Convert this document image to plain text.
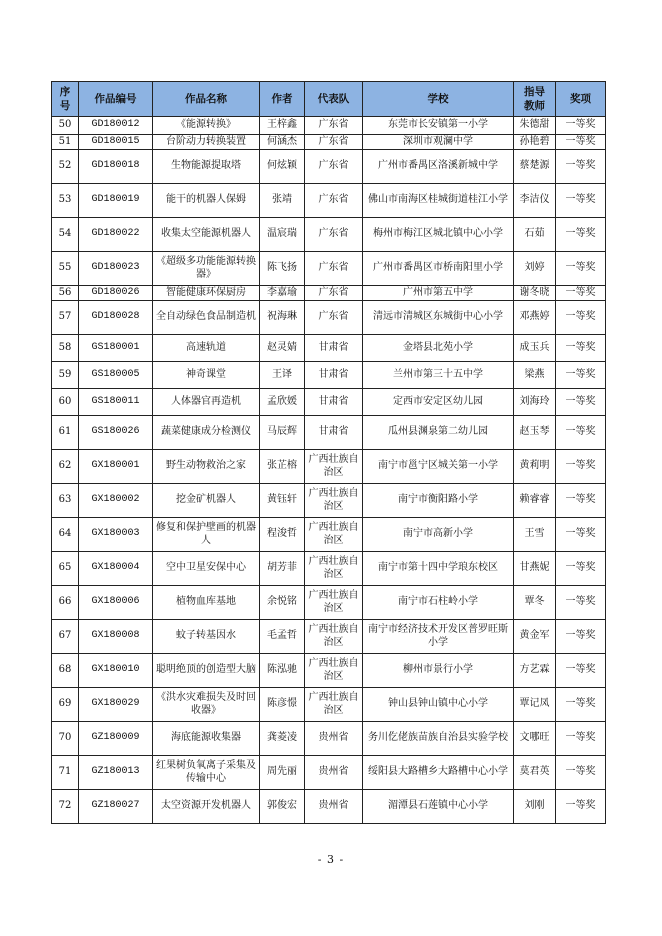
序号	作品编号	作品名称	作者	代表队	学校	指导教师	奖项
50	GD180012	《能源转换》	王梓鑫	广东省	东莞市长安镇第一小学	朱德甜	一等奖
51	GD180015	台阶动力转换装置	何涵杰	广东省	深圳市观澜中学	孙艳碧	一等奖
52	GD180018	生物能源提取塔	何炫颖	广东省	广州市番禺区洛溪新城中学	蔡楚源	一等奖
53	GD180019	能干的机器人保姆	张靖	广东省	佛山市南海区桂城街道桂江小学	李洁仪	一等奖
54	GD180022	收集太空能源机器人	温宸瑞	广东省	梅州市梅江区城北镇中心小学	石茹	一等奖
55	GD180023	《超级多功能能源转换器》	陈飞扬	广东省	广州市番禺区市桥南阳里小学	刘婷	一等奖
56	GD180026	智能健康环保厨房	李嘉瑜	广东省	广州市第五中学	谢冬晓	一等奖
57	GD180028	全自动绿色食品制造机	祝海琳	广东省	清远市清城区东城街中心小学	邓燕婷	一等奖
58	GS180001	高速轨道	赵灵婧	甘肃省	金塔县北苑小学	成玉兵	一等奖
59	GS180005	神奇课堂	王译	甘肃省	兰州市第三十五中学	梁燕	一等奖
60	GS180011	人体器官再造机	孟欣媛	甘肃省	定西市安定区幼儿园	刘海玲	一等奖
61	GS180026	蔬菜健康成分检测仪	马辰辉	甘肃省	瓜州县渊泉第二幼儿园	赵玉琴	一等奖
62	GX180001	野生动物救治之家	张芷榕	广西壮族自治区	南宁市邕宁区城关第一小学	黄莉明	一等奖
63	GX180002	挖金矿机器人	黄钰轩	广西壮族自治区	南宁市衡阳路小学	赖睿睿	一等奖
64	GX180003	修复和保护壁画的机器人	程浚哲	广西壮族自治区	南宁市高新小学	王雪	一等奖
65	GX180004	空中卫星安保中心	胡芳菲	广西壮族自治区	南宁市第十四中学琅东校区	甘燕妮	一等奖
66	GX180006	植物血库基地	余悦铭	广西壮族自治区	南宁市石柱岭小学	覃冬	一等奖
67	GX180008	蚊子转基因水	毛孟哲	广西壮族自治区	南宁市经济技术开发区普罗旺斯小学	黄金军	一等奖
68	GX180010	聪明绝顶的创造型大脑	陈泓驰	广西壮族自治区	柳州市景行小学	方艺霖	一等奖
69	GX180029	《洪水灾难损失及时回收器》	陈彦憬	广西壮族自治区	钟山县钟山镇中心小学	覃记凤	一等奖
70	GZ180009	海底能源收集器	龚菱凌	贵州省	务川仡佬族苗族自治县实验学校	文哪旺	一等奖
71	GZ180013	红果树负氧离子采集及传输中心	周先丽	贵州省	绥阳县大路槽乡大路槽中心小学	莫君英	一等奖
72	GZ180027	太空资源开发机器人	郭俊宏	贵州省	湄潭县石莲镇中心小学	刘刚	一等奖
- 3 -
